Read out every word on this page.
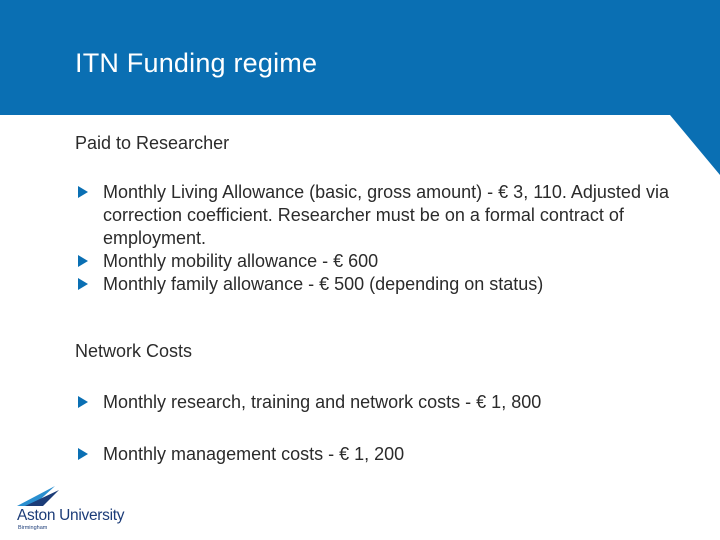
ITN Funding regime
Paid to Researcher
Monthly Living Allowance (basic, gross amount) - € 3, 110. Adjusted via correction coefficient. Researcher must be on a formal contract of employment.
Monthly mobility allowance - € 600
Monthly family allowance - € 500 (depending on status)
Network Costs
Monthly research, training and network costs - € 1, 800
Monthly management costs - € 1, 200
Aston University
Birmingham
